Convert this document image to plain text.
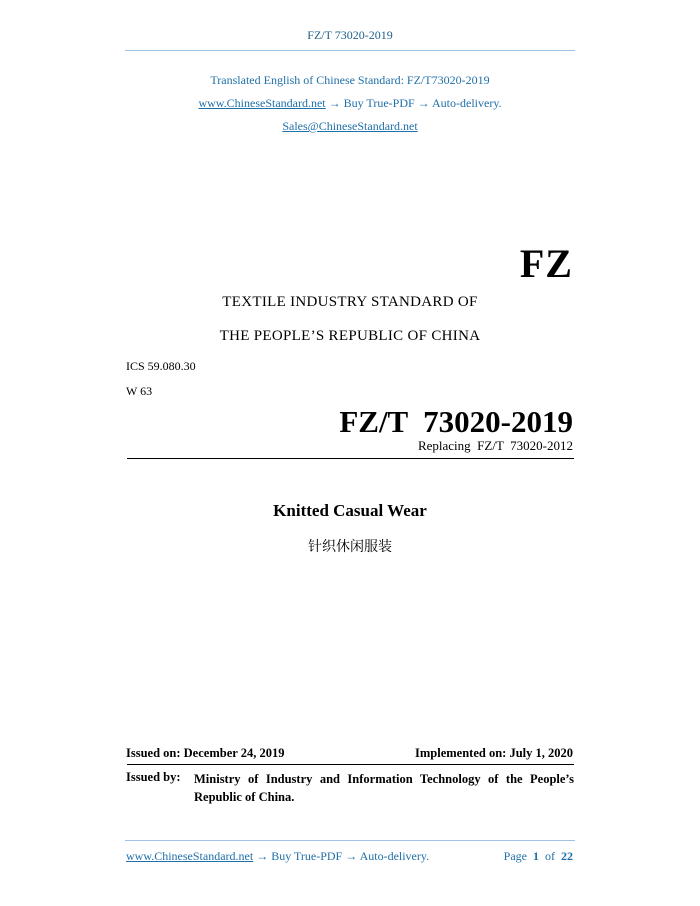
FZ/T 73020-2019
Translated English of Chinese Standard: FZ/T73020-2019
www.ChineseStandard.net → Buy True-PDF → Auto-delivery.
Sales@ChineseStandard.net
FZ
TEXTILE INDUSTRY STANDARD OF
THE PEOPLE’S REPUBLIC OF CHINA
ICS 59.080.30
W 63
FZ/T  73020-2019
Replacing  FZ/T  73020-2012
Knitted Casual Wear
针织休闲服装
Issued on: December 24, 2019	Implemented on: July 1, 2020
Issued by: Ministry of Industry and Information Technology of the People’s Republic of China.
www.ChineseStandard.net → Buy True-PDF → Auto-delivery.	Page 1 of 22
